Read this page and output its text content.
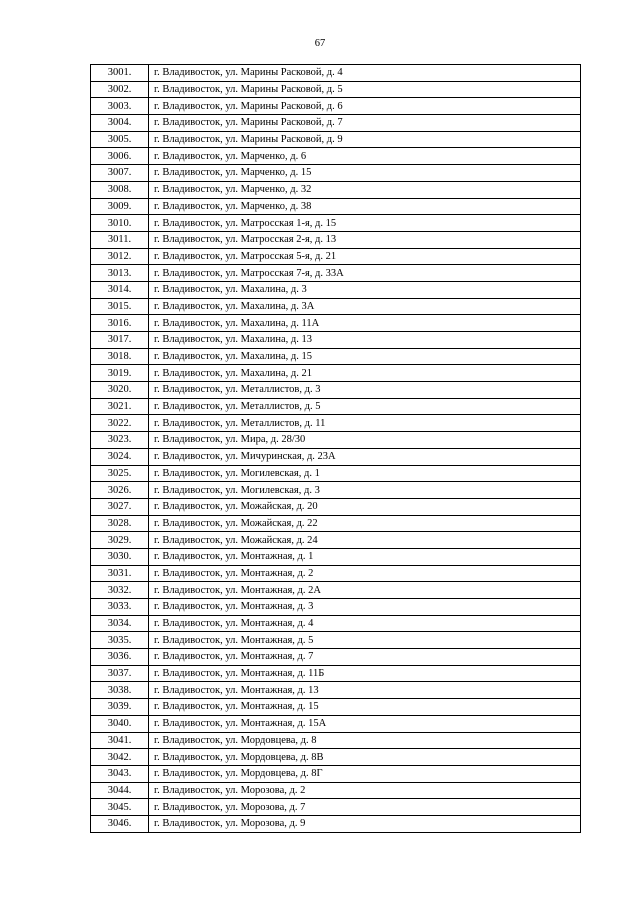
67
3001.	г. Владивосток, ул. Марины Расковой, д. 4
3002.	г. Владивосток, ул. Марины Расковой, д. 5
3003.	г. Владивосток, ул. Марины Расковой, д. 6
3004.	г. Владивосток, ул. Марины Расковой, д. 7
3005.	г. Владивосток, ул. Марины Расковой, д. 9
3006.	г. Владивосток, ул. Марченко, д. 6
3007.	г. Владивосток, ул. Марченко, д. 15
3008.	г. Владивосток, ул. Марченко, д. 32
3009.	г. Владивосток, ул. Марченко, д. 38
3010.	г. Владивосток, ул. Матросская 1-я, д. 15
3011.	г. Владивосток, ул. Матросская 2-я, д. 13
3012.	г. Владивосток, ул. Матросская 5-я, д. 21
3013.	г. Владивосток, ул. Матросская 7-я, д. 33А
3014.	г. Владивосток, ул. Махалина, д. 3
3015.	г. Владивосток, ул. Махалина, д. 3А
3016.	г. Владивосток, ул. Махалина, д. 11А
3017.	г. Владивосток, ул. Махалина, д. 13
3018.	г. Владивосток, ул. Махалина, д. 15
3019.	г. Владивосток, ул. Махалина, д. 21
3020.	г. Владивосток, ул. Металлистов, д. 3
3021.	г. Владивосток, ул. Металлистов, д. 5
3022.	г. Владивосток, ул. Металлистов, д. 11
3023.	г. Владивосток, ул. Мира, д. 28/30
3024.	г. Владивосток, ул. Мичуринская, д. 23А
3025.	г. Владивосток, ул. Могилевская, д. 1
3026.	г. Владивосток, ул. Могилевская, д. 3
3027.	г. Владивосток, ул. Можайская, д. 20
3028.	г. Владивосток, ул. Можайская, д. 22
3029.	г. Владивосток, ул. Можайская, д. 24
3030.	г. Владивосток, ул. Монтажная, д. 1
3031.	г. Владивосток, ул. Монтажная, д. 2
3032.	г. Владивосток, ул. Монтажная, д. 2А
3033.	г. Владивосток, ул. Монтажная, д. 3
3034.	г. Владивосток, ул. Монтажная, д. 4
3035.	г. Владивосток, ул. Монтажная, д. 5
3036.	г. Владивосток, ул. Монтажная, д. 7
3037.	г. Владивосток, ул. Монтажная, д. 11Б
3038.	г. Владивосток, ул. Монтажная, д. 13
3039.	г. Владивосток, ул. Монтажная, д. 15
3040.	г. Владивосток, ул. Монтажная, д. 15А
3041.	г. Владивосток, ул. Мордовцева, д. 8
3042.	г. Владивосток, ул. Мордовцева, д. 8В
3043.	г. Владивосток, ул. Мордовцева, д. 8Г
3044.	г. Владивосток, ул. Морозова, д. 2
3045.	г. Владивосток, ул. Морозова, д. 7
3046.	г. Владивосток, ул. Морозова, д. 9
